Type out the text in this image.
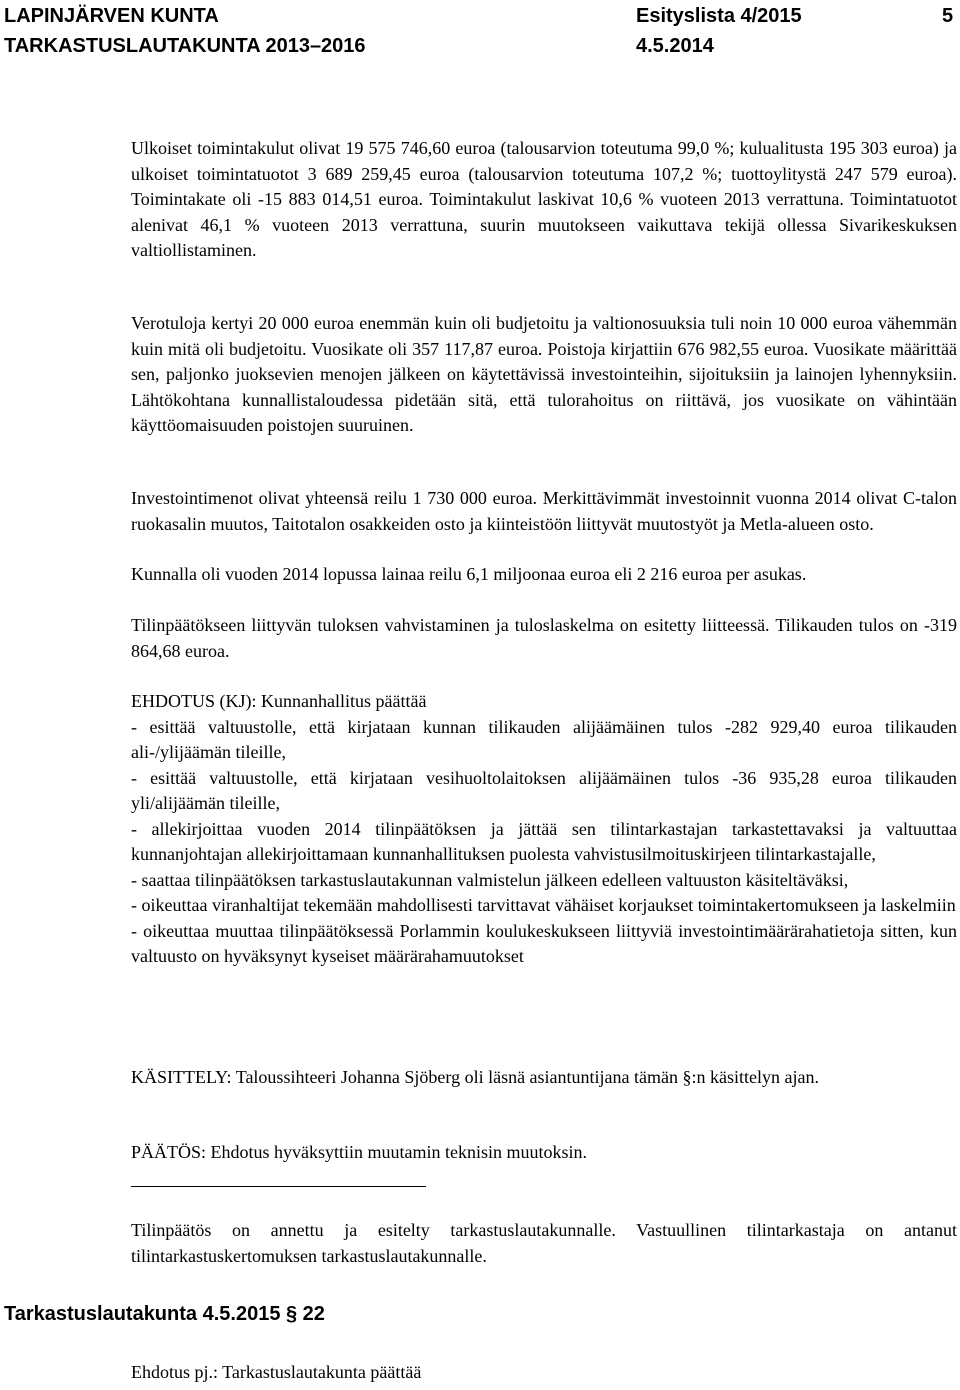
LAPINJÄRVEN KUNTA	Esityslista 4/2015	5
TARKASTUSLAUTAKUNTA 2013–2016	4.5.2014

Ulkoiset toimintakulut olivat 19 575 746,60 euroa (talousarvion toteutuma 99,0 %; kulualitusta 195 303 euroa) ja ulkoiset toimintatuotot 3 689 259,45 euroa (talousarvion toteutuma 107,2 %; tuottoylitystä 247 579 euroa). Toimintakate oli -15 883 014,51 euroa. Toimintakulut laskivat 10,6 % vuoteen 2013 verrattuna. Toimintatuotot alenivat 46,1 % vuoteen 2013 verrattuna, suurin muutokseen vaikuttava tekijä ollessa Sivarikeskuksen valtiollistaminen.

Verotuloja kertyi 20 000 euroa enemmän kuin oli budjetoitu ja valtionosuuksia tuli noin 10 000 euroa vähemmän kuin mitä oli budjetoitu. Vuosikate oli 357 117,87 euroa. Poistoja kirjattiin 676 982,55 euroa. Vuosikate määrittää sen, paljonko juoksevien menojen jälkeen on käytettävissä investointeihin, sijoituksiin ja lainojen lyhennyksiin. Lähtökohtana kunnallistaloudessa pidetään sitä, että tulorahoitus on riittävä, jos vuosikate on vähintään käyttöomaisuuden poistojen suuruinen.

Investointimenot olivat yhteensä reilu 1 730 000 euroa. Merkittävimmät investoinnit vuonna 2014 olivat C-talon ruokasalin muutos, Taitotalon osakkeiden osto ja kiinteistöön liittyvät muutostyöt ja Metla-alueen osto.

Kunnalla oli vuoden 2014 lopussa lainaa reilu 6,1 miljoonaa euroa eli 2 216 euroa per asukas.

Tilinpäätökseen liittyvän tuloksen vahvistaminen ja tuloslaskelma on esitetty liitteessä. Tilikauden tulos on -319 864,68 euroa.

EHDOTUS (KJ): Kunnanhallitus päättää
- esittää valtuustolle, että kirjataan kunnan tilikauden alijäämäinen tulos -282 929,40 euroa tilikauden ali-/ylijäämän tileille,
- esittää valtuustolle, että kirjataan vesihuoltolaitoksen alijäämäinen tulos -36 935,28 euroa tilikauden yli/alijäämän tileille,
- allekirjoittaa vuoden 2014 tilinpäätöksen ja jättää sen tilintarkastajan tarkastettavaksi ja valtuuttaa kunnanjohtajan allekirjoittamaan kunnanhallituksen puolesta vahvistusilmoituskirjeen tilintarkastajalle,
- saattaa tilinpäätöksen tarkastuslautakunnan valmistelun jälkeen edelleen valtuuston käsiteltäväksi,
- oikeuttaa viranhaltijat tekemään mahdollisesti tarvittavat vähäiset korjaukset toimintakertomukseen ja laskelmiin
- oikeuttaa muuttaa tilinpäätöksessä Porlammin koulukeskukseen liittyviä investointimäärärahatietoja sitten, kun valtuusto on hyväksynyt kyseiset määrärahamuutokset

KÄSITTELY: Taloussihteeri Johanna Sjöberg oli läsnä asiantuntijana tämän §:n käsittelyn ajan.

PÄÄTÖS: Ehdotus hyväksyttiin muutamin teknisin muutoksin.

Tilinpäätös on annettu ja esitelty tarkastuslautakunnalle. Vastuullinen tilintarkastaja on antanut tilintarkastuskertomuksen tarkastuslautakunnalle.

Tarkastuslautakunta 4.5.2015 § 22
Ehdotus pj.: Tarkastuslautakunta päättää
